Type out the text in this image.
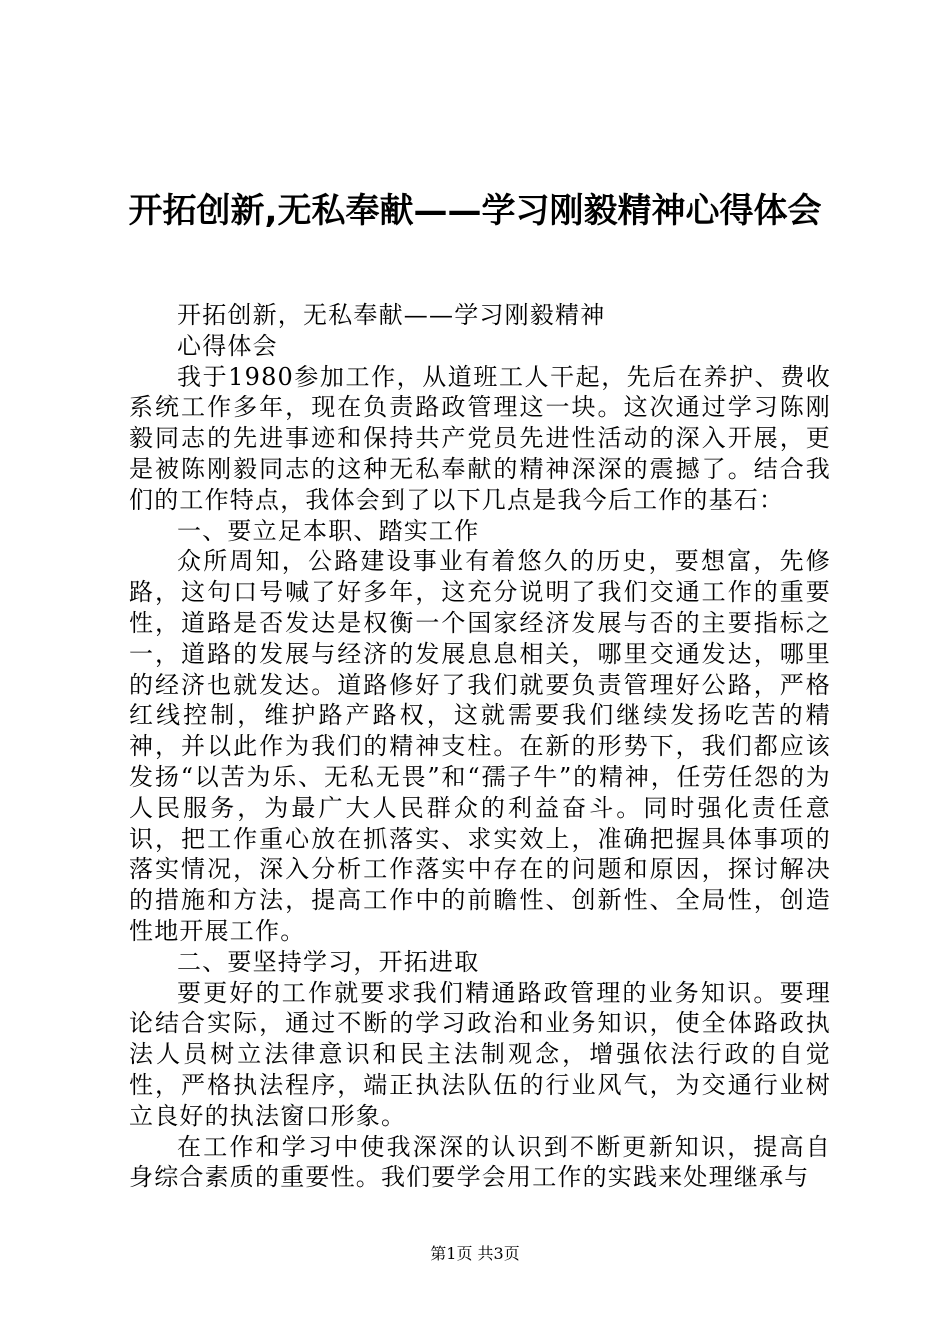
开拓创新,无私奉献——学习刚毅精神心得体会

开拓创新，无私奉献——学习刚毅精神

心得体会

我于1980参加工作，从道班工人干起，先后在养护、费收系统工作多年，现在负责路政管理这一块。这次通过学习陈刚毅同志的先进事迹和保持共产党员先进性活动的深入开展，更是被陈刚毅同志的这种无私奉献的精神深深的震撼了。结合我们的工作特点，我体会到了以下几点是我今后工作的基石：

一、要立足本职、踏实工作

众所周知，公路建设事业有着悠久的历史，要想富，先修路，这句口号喊了好多年，这充分说明了我们交通工作的重要性，道路是否发达是权衡一个国家经济发展与否的主要指标之一，道路的发展与经济的发展息息相关，哪里交通发达，哪里的经济也就发达。道路修好了我们就要负责管理好公路，严格红线控制，维护路产路权，这就需要我们继续发扬吃苦的精神，并以此作为我们的精神支柱。在新的形势下，我们都应该发扬“以苦为乐、无私无畏”和“孺子牛”的精神，任劳任怨的为人民服务，为最广大人民群众的利益奋斗。同时强化责任意识，把工作重心放在抓落实、求实效上，准确把握具体事项的落实情况，深入分析工作落实中存在的问题和原因，探讨解决的措施和方法，提高工作中的前瞻性、创新性、全局性，创造性地开展工作。

二、要坚持学习，开拓进取

要更好的工作就要求我们精通路政管理的业务知识。要理论结合实际，通过不断的学习政治和业务知识，使全体路政执法人员树立法律意识和民主法制观念，增强依法行政的自觉性，严格执法程序，端正执法队伍的行业风气，为交通行业树立良好的执法窗口形象。

在工作和学习中使我深深的认识到不断更新知识，提高自身综合素质的重要性。我们要学会用工作的实践来处理继承与

第1页 共3页
